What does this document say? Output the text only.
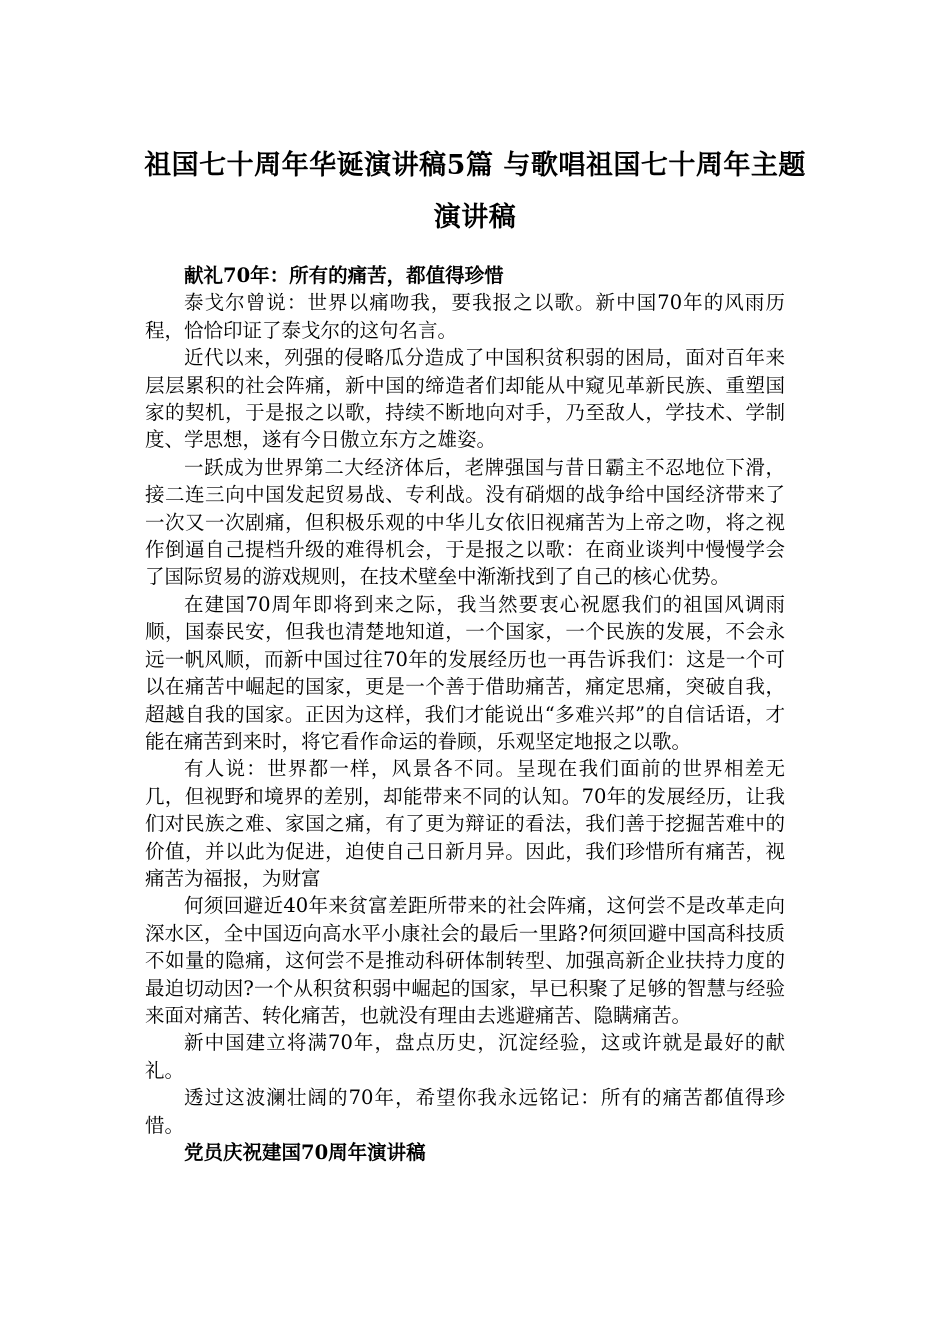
祖国七十周年华诞演讲稿5篇 与歌唱祖国七十周年主题演讲稿

献礼70年：所有的痛苦，都值得珍惜

泰戈尔曾说：世界以痛吻我，要我报之以歌。新中国70年的风雨历程，恰恰印证了泰戈尔的这句名言。

近代以来，列强的侵略瓜分造成了中国积贫积弱的困局，面对百年来层层累积的社会阵痛，新中国的缔造者们却能从中窥见革新民族、重塑国家的契机，于是报之以歌，持续不断地向对手，乃至敌人，学技术、学制度、学思想，遂有今日傲立东方之雄姿。

一跃成为世界第二大经济体后，老牌强国与昔日霸主不忍地位下滑，接二连三向中国发起贸易战、专利战。没有硝烟的战争给中国经济带来了一次又一次剧痛，但积极乐观的中华儿女依旧视痛苦为上帝之吻，将之视作倒逼自己提档升级的难得机会，于是报之以歌：在商业谈判中慢慢学会了国际贸易的游戏规则，在技术壁垒中渐渐找到了自己的核心优势。

在建国70周年即将到来之际，我当然要衷心祝愿我们的祖国风调雨顺，国泰民安，但我也清楚地知道，一个国家，一个民族的发展，不会永远一帆风顺，而新中国过往70年的发展经历也一再告诉我们：这是一个可以在痛苦中崛起的国家，更是一个善于借助痛苦，痛定思痛，突破自我，超越自我的国家。正因为这样，我们才能说出“多难兴邦”的自信话语，才能在痛苦到来时，将它看作命运的眷顾，乐观坚定地报之以歌。

有人说：世界都一样，风景各不同。呈现在我们面前的世界相差无几，但视野和境界的差别，却能带来不同的认知。70年的发展经历，让我们对民族之难、家国之痛，有了更为辩证的看法，我们善于挖掘苦难中的价值，并以此为促进，迫使自己日新月异。因此，我们珍惜所有痛苦，视痛苦为福报，为财富

何须回避近40年来贫富差距所带来的社会阵痛，这何尝不是改革走向深水区，全中国迈向高水平小康社会的最后一里路?何须回避中国高科技质不如量的隐痛，这何尝不是推动科研体制转型、加强高新企业扶持力度的最迫切动因?一个从积贫积弱中崛起的国家，早已积聚了足够的智慧与经验来面对痛苦、转化痛苦，也就没有理由去逃避痛苦、隐瞒痛苦。

新中国建立将满70年，盘点历史，沉淀经验，这或许就是最好的献礼。

透过这波澜壮阔的70年，希望你我永远铭记：所有的痛苦都值得珍惜。

党员庆祝建国70周年演讲稿
